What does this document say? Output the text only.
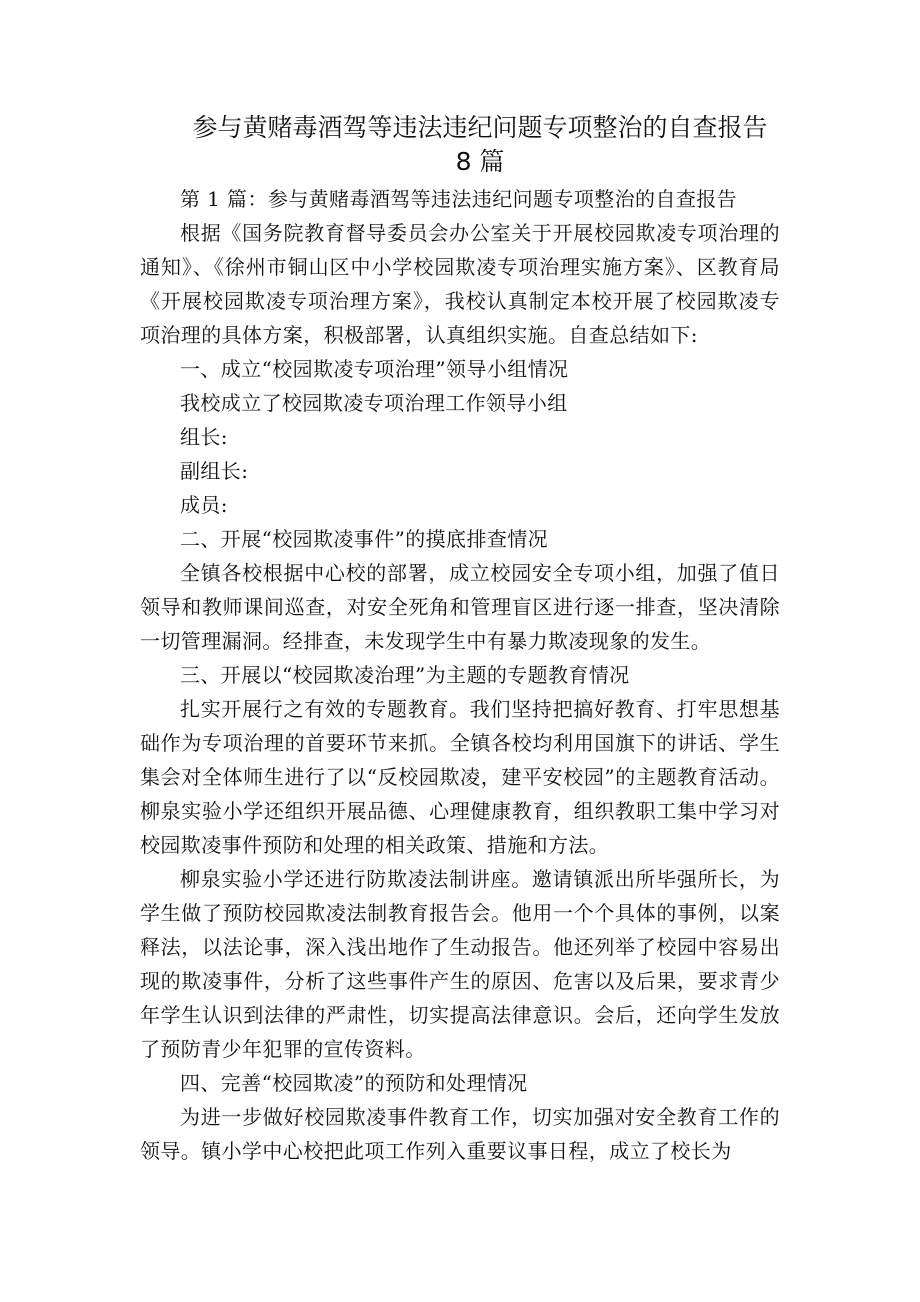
参与黄赌毒酒驾等违法违纪问题专项整治的自查报告
8 篇

第 1 篇：参与黄赌毒酒驾等违法违纪问题专项整治的自查报告

根据《国务院教育督导委员会办公室关于开展校园欺凌专项治理的通知》、《徐州市铜山区中小学校园欺凌专项治理实施方案》、区教育局《开展校园欺凌专项治理方案》，我校认真制定本校开展了校园欺凌专项治理的具体方案，积极部署，认真组织实施。自查总结如下:

一、成立“校园欺凌专项治理”领导小组情况

我校成立了校园欺凌专项治理工作领导小组

组长:

副组长:

成员:

二、开展“校园欺凌事件”的摸底排查情况

全镇各校根据中心校的部署，成立校园安全专项小组，加强了值日领导和教师课间巡查，对安全死角和管理盲区进行逐一排查，坚决清除一切管理漏洞。经排查，未发现学生中有暴力欺凌现象的发生。

三、开展以“校园欺凌治理”为主题的专题教育情况

扎实开展行之有效的专题教育。我们坚持把搞好教育、打牢思想基础作为专项治理的首要环节来抓。全镇各校均利用国旗下的讲话、学生集会对全体师生进行了以“反校园欺凌，建平安校园”的主题教育活动。柳泉实验小学还组织开展品德、心理健康教育，组织教职工集中学习对校园欺凌事件预防和处理的相关政策、措施和方法。

柳泉实验小学还进行防欺凌法制讲座。邀请镇派出所毕强所长，为学生做了预防校园欺凌法制教育报告会。他用一个个具体的事例，以案释法，以法论事，深入浅出地作了生动报告。他还列举了校园中容易出现的欺凌事件，分析了这些事件产生的原因、危害以及后果，要求青少年学生认识到法律的严肃性，切实提高法律意识。会后，还向学生发放了预防青少年犯罪的宣传资料。

四、完善“校园欺凌”的预防和处理情况

为进一步做好校园欺凌事件教育工作，切实加强对安全教育工作的领导。镇小学中心校把此项工作列入重要议事日程，成立了校长为
